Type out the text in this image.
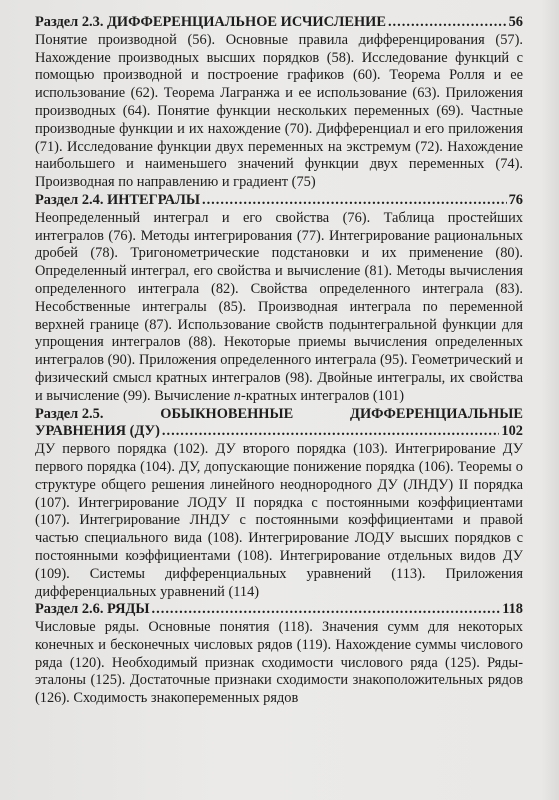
Раздел 2.3. ДИФФЕРЕНЦИАЛЬНОЕ ИСЧИСЛЕНИЕ .....	56

Понятие производной (56). Основные правила дифференцирования (57). Нахождение производных высших порядков (58). Исследование функций с помощью производной и построение графиков (60). Теорема Ролля и ее использование (62). Теорема Лагранжа и ее использование (63). Приложения производных (64). Понятие функции нескольких переменных (69). Частные производные функции и их нахождение (70). Дифференциал и его приложения (71). Исследование функции двух переменных на экстремум (72). Нахождение наибольшего и наименьшего значений функции двух переменных (74). Производная по направлению и градиент (75)

Раздел 2.4. ИНТЕГРАЛЫ .....	76

Неопределенный интеграл и его свойства (76). Таблица простейших интегралов (76). Методы интегрирования (77). Интегрирование рациональных дробей (78). Тригонометрические подстановки и их применение (80). Определенный интеграл, его свойства и вычисление (81). Методы вычисления определенного интеграла (82). Свойства определенного интеграла (83). Несобственные интегралы (85). Производная интеграла по переменной верхней границе (87). Использование свойств подынтегральной функции для упрощения интегралов (88). Некоторые приемы вычисления определенных интегралов (90). Приложения определенного интеграла (95). Геометрический и физический смысл кратных интегралов (98). Двойные интегралы, их свойства и вычисление (99). Вычисление n-кратных интегралов (101)

Раздел 2.5.	ОБЫКНОВЕННЫЕ	ДИФФЕРЕНЦИАЛЬНЫЕ
УРАВНЕНИЯ (ДУ) .....	102

ДУ первого порядка (102). ДУ второго порядка (103). Интегрирование ДУ первого порядка (104). ДУ, допускающие понижение порядка (106). Теоремы о структуре общего решения линейного неоднородного ДУ (ЛНДУ) II порядка (107). Интегрирование ЛОДУ II порядка с постоянными коэффициентами (107). Интегрирование ЛНДУ с постоянными коэффициентами и правой частью специального вида (108). Интегрирование ЛОДУ высших порядков с постоянными коэффициентами (108). Интегрирование отдельных видов ДУ (109). Системы дифференциальных уравнений (113). Приложения дифференциальных уравнений (114)

Раздел 2.6. РЯДЫ .....	118

Числовые ряды. Основные понятия (118). Значения сумм для некоторых конечных и бесконечных числовых рядов (119). Нахождение суммы числового ряда (120). Необходимый признак сходимости числового ряда (125). Ряды-эталоны (125). Достаточные признаки сходимости знакоположительных рядов (126). Сходимость знакопеременных рядов
